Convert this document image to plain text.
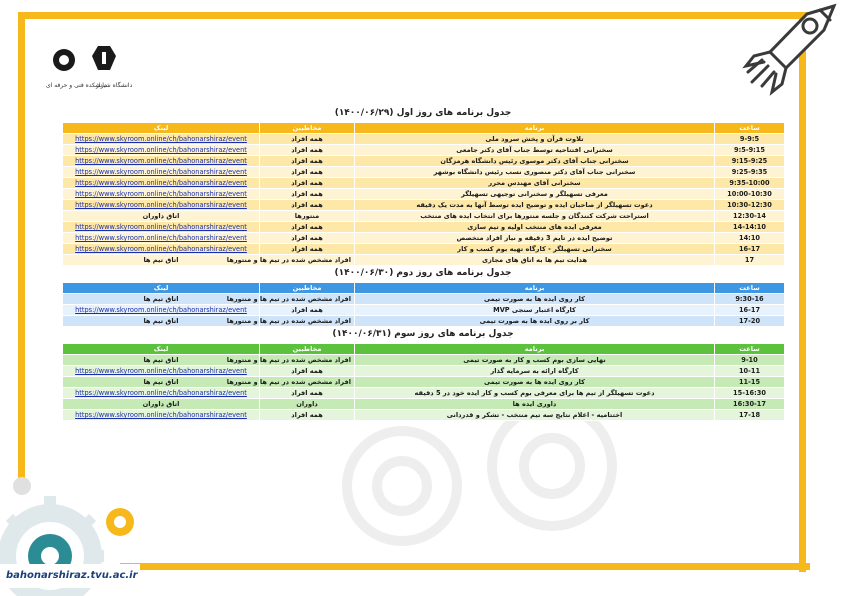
bahonarshiraz.tvu.ac.ir
دانشکده فنی و حرفه ای
دانشگاه شیراز
جدول برنامه های روز اول (۱۴۰۰/۰۶/۲۹)
ساعت	برنامه	مخاطبین	لینک
9-9:5	تلاوت قرآن و پخش سرود ملی	همه افراد	https://www.skyroom.online/ch/bahonarshiraz/event
9:5-9:15	سخنرانی افتتاحیه توسط جناب آقای دکتر جامعی	همه افراد	https://www.skyroom.online/ch/bahonarshiraz/event
9:15-9:25	سخنرانی جناب آقای دکتر موسوی رئیس دانشگاه هرمزگان	همه افراد	https://www.skyroom.online/ch/bahonarshiraz/event
9:25-9:35	سخنرانی جناب آقای دکتر منصوری نسب رئیس دانشگاه بوشهر	همه افراد	https://www.skyroom.online/ch/bahonarshiraz/event
9:35-10:00	سخنرانی آقای مهندس محرر	همه افراد	https://www.skyroom.online/ch/bahonarshiraz/event
10:00-10:30	معرفی تسهیلگر و سخنرانی توجیهی تسهیلگر	همه افراد	https://www.skyroom.online/ch/bahonarshiraz/event
10:30-12:30	دعوت تسهیلگر از صاحبان ایده و توضیح ایده توسط آنها به مدت یک دقیقه	همه افراد	https://www.skyroom.online/ch/bahonarshiraz/event
12:30-14	استراحت شرکت کنندگان و جلسه منتورها برای انتخاب ایده های منتخب	منتورها	اتاق داوران
14-14:10	معرفی ایده های منتخب اولیه و تیم سازی	همه افراد	https://www.skyroom.online/ch/bahonarshiraz/event
14:10	توضیح ایده در تایم 3 دقیقه و نیاز افراد متخصص	همه افراد	https://www.skyroom.online/ch/bahonarshiraz/event
16-17	سخنرانی تسهیلگر - کارگاه تهیه بوم کسب و کار	همه افراد	https://www.skyroom.online/ch/bahonarshiraz/event
17	هدایت تیم ها به اتاق های مجازی	افراد مشخص شده در تیم ها و منتورها	اتاق تیم ها
جدول برنامه های روز دوم (۱۴۰۰/۰۶/۳۰)
ساعت	برنامه	مخاطبین	لینک
9:30-16	کار روی ایده ها به صورت تیمی	افراد مشخص شده در تیم ها و منتورها	اتاق تیم ها
16-17	کارگاه اعتبار سنجی MVP	همه افراد	https://www.skyroom.online/ch/bahonarshiraz/event
17-20	کار بر روی ایده ها به صورت تیمی	افراد مشخص شده در تیم ها و منتورها	اتاق تیم ها
جدول برنامه های روز سوم (۱۴۰۰/۰۶/۳۱)
ساعت	برنامه	مخاطبین	لینک
9-10	نهایی سازی بوم کسب و کار به صورت تیمی	افراد مشخص شده در تیم ها و منتورها	اتاق تیم ها
10-11	کارگاه ارائه به سرمایه گذار	همه افراد	https://www.skyroom.online/ch/bahonarshiraz/event
11-15	کار روی ایده ها به صورت تیمی	افراد مشخص شده در تیم ها و منتورها	اتاق تیم ها
15-16:30	دعوت تسهیلگر از تیم ها برای معرفی بوم کسب و کار ایده خود در 5 دقیقه	همه افراد	https://www.skyroom.online/ch/bahonarshiraz/event
16:30-17	داوری ایده ها	داوران	اتاق داوران
17-18	اختتامیه - اعلام نتایج سه تیم منتخب - تشکر و قدردانی	همه افراد	https://www.skyroom.online/ch/bahonarshiraz/event
